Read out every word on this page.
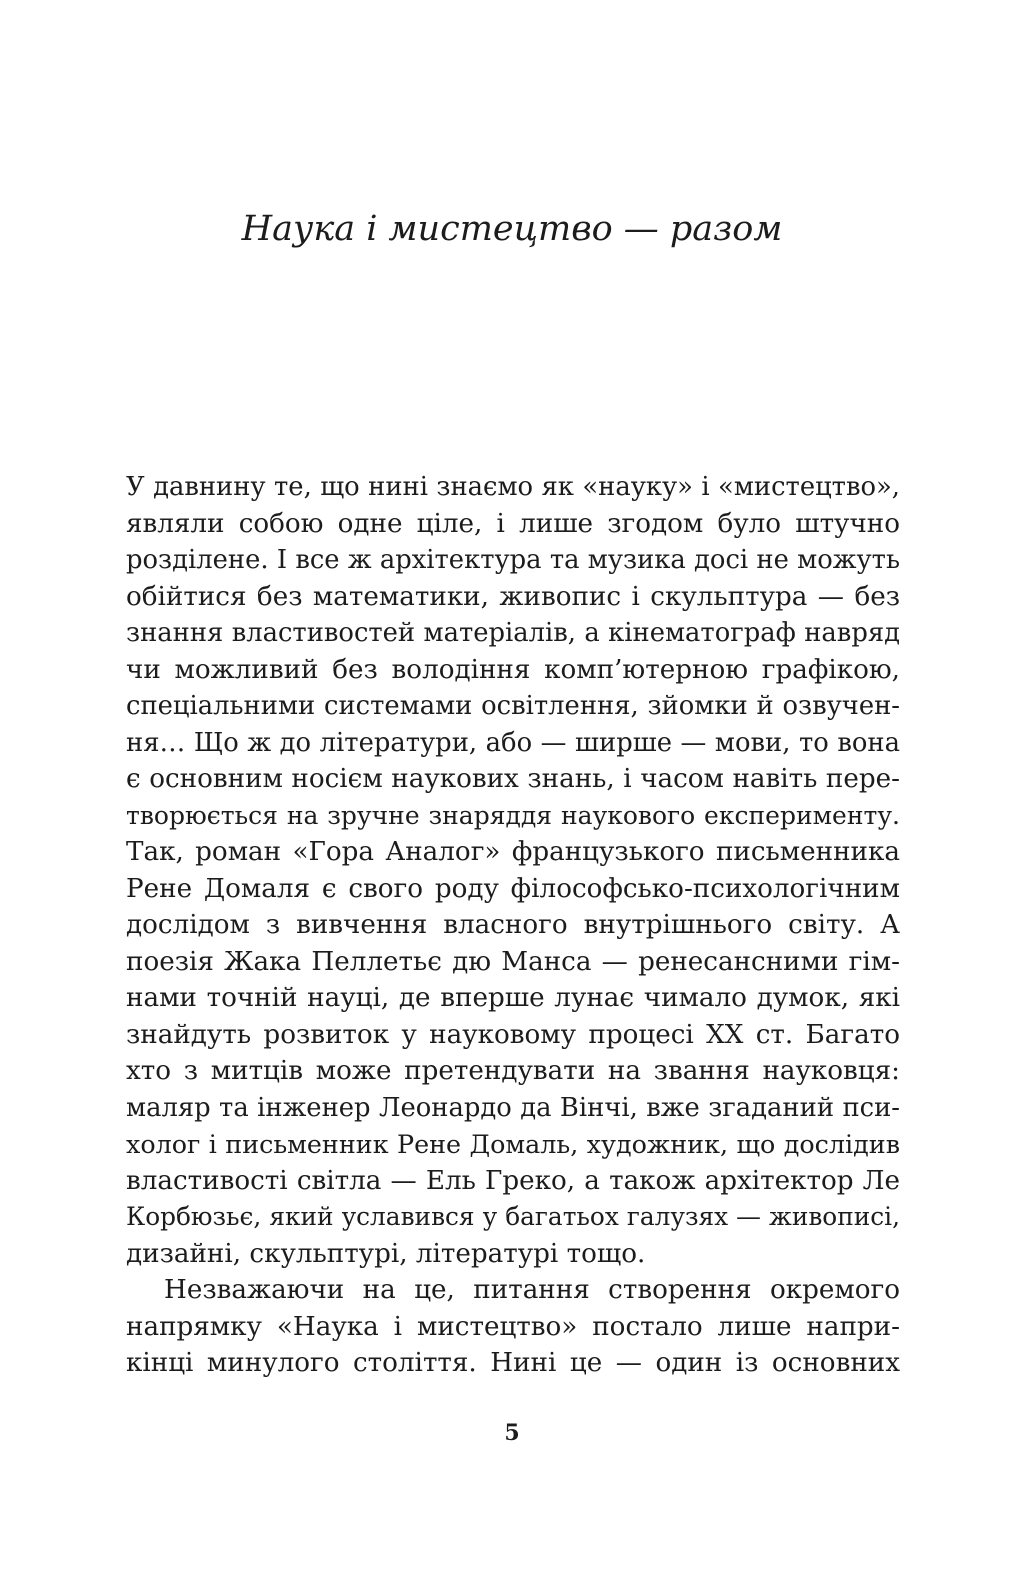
Наука і мистецтво — разом
У давнину те, що нині знаємо як «науку» і «мистецтво»,
являли собою одне ціле, і лише згодом було штучно
розділене. І все ж архітектура та музика досі не можуть
обійтися без математики, живопис і скульптура — без
знання властивостей матеріалів, а кінематограф навряд
чи можливий без володіння комп’ютерною графікою,
спеціальними системами освітлення, зйомки й озвучен-
ня… Що ж до літератури, або — ширше — мови, то вона
є основним носієм наукових знань, і часом навіть пере-
творюється на зручне знаряддя наукового експерименту.
Так, роман «Гора Аналог» французького письменника
Рене Домаля є свого роду філософсько-психологічним
дослідом з вивчення власного внутрішнього світу. А
поезія Жака Пеллетьє дю Манса — ренесансними гім-
нами точній науці, де вперше лунає чимало думок, які
знайдуть розвиток у науковому процесі XX ст. Багато
хто з митців може претендувати на звання науковця:
маляр та інженер Леонардо да Вінчі, вже згаданий пси-
холог і письменник Рене Домаль, художник, що дослідив
властивості світла — Ель Греко, а також архітектор Ле
Корбюзьє, який уславився у багатьох галузях — живописі,
дизайні, скульптурі, літературі тощо.
Незважаючи на це, питання створення окремого
напрямку «Наука і мистецтво» постало лише напри-
кінці минулого століття. Нині це — один із основних
5
